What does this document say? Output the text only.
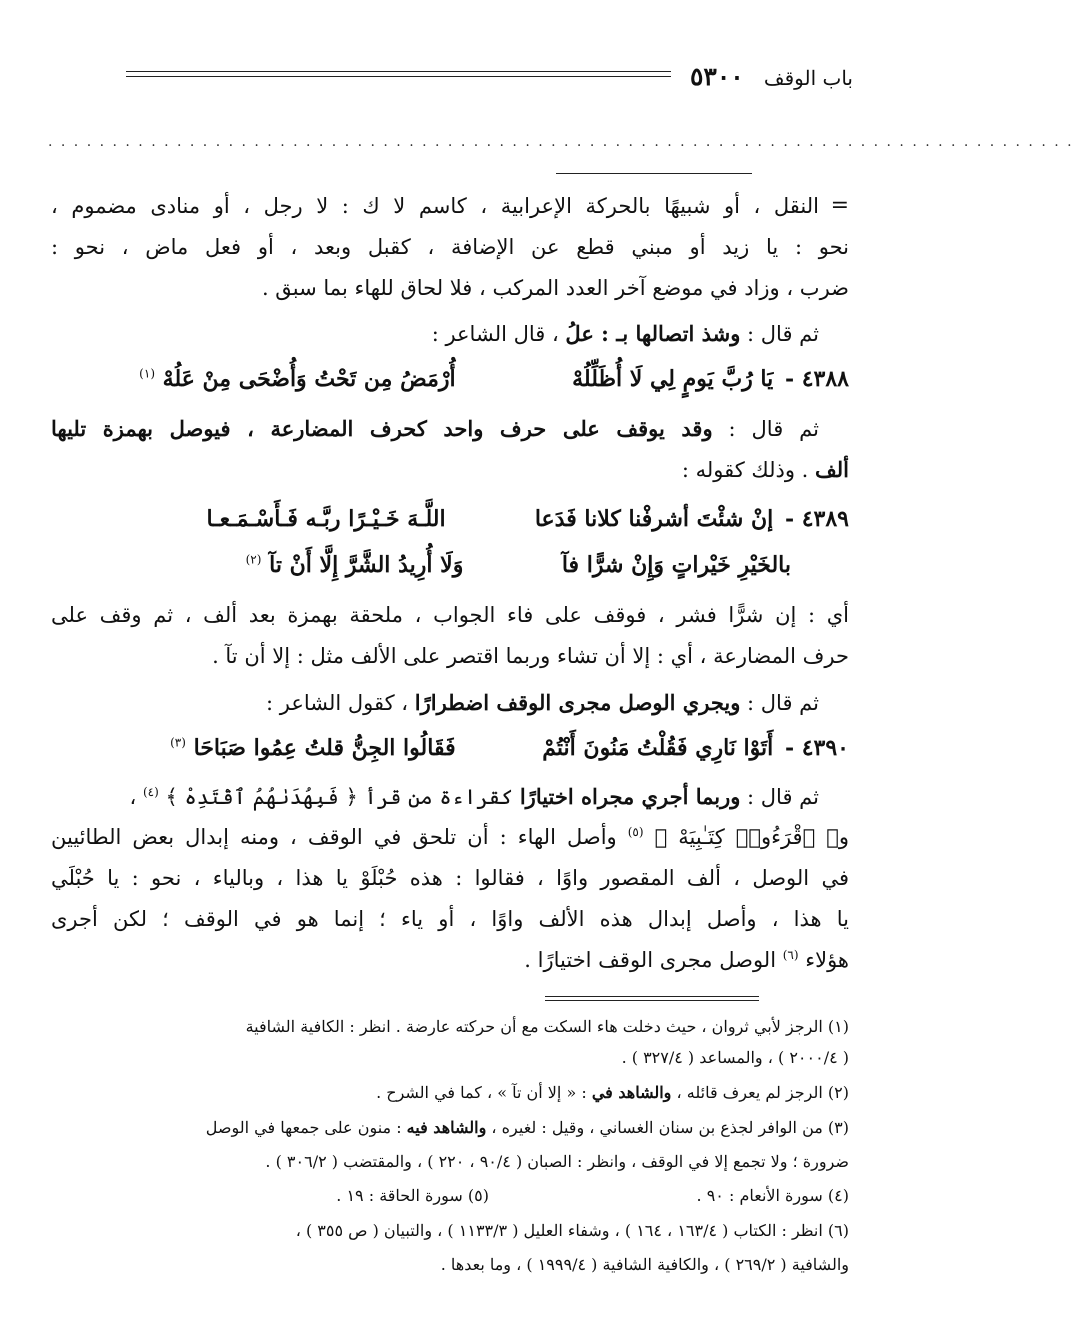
٥٣٠٠ باب الوقف
. . . . . . . . . . . . . . . . . . . . . . . . . . . . . . . . . . . . . . . . . . . . . . . . . . . . . . . . . . . . . . . . . . . . . . . . . . . . . . . .
=
النقل ، أو شبيهًا بالحركة الإعرابية ، كاسم لا ك : لا رجل ، أو منادى مضموم ،
نحو : يا زيد أو مبني قطع عن الإضافة ، كقبل وبعد ، أو فعل ماض ، نحو :
ضرب ، وزاد في موضع آخر العدد المركب ، فلا لحاق للهاء بما سبق .
ثم قال : وشذ اتصالها بـ : علُ ، قال الشاعر :
٤٣٨٨ - يَا رُبَّ يَومٍ لِي لَا أُظَلِّلُهْ أُرْمَضُ مِن تَحْتُ وَأُضْحَى مِنْ عَلُهْ $^{(١)}$
ثم قال : وقد يوقف على حرف واحد كحرف المضارعة ، فيوصل بهمزة تليها
ألف . وذلك كقوله :
٤٣٨٩ - إنْ شئْتَ أشرفْنا كلانا فَدَعا اللَّـهَ خَـيْـرًا ربَّـه فَـأَسْـمَـعـا
بالخَيْرِ خَيْراتٍ وَإِنْ شرًّا فآ وَلَا أُرِيدُ الشَّرَّ إِلَّا أَنْ تآ $^{(٢)}$
أي : إن شرًّا فشر ، فوقف على فاء الجواب ، ملحقة بهمزة بعد ألف ، ثم وقف على
حرف المضارعة ، أي : إلا أن تشاء وربما اقتصر على الألف مثل : إلا أن تآ .
ثم قال : ويجري الوصل مجرى الوقف اضطرارًا ، كقول الشاعر :
٤٣٩٠ - أَتَوْا نَارِي فَقُلْتُ مَنُونَ أَنْتُمْ فَقَالُوا الجِنُّ قلتُ عِمُوا صَبَاحَا $^{(٣)}$
ثم قال : وربما أجري مجراه اختيارًا كقراءة من قرأ ﴿ فَبِهُدَىٰهُمُ ٱقْتَدِهْ ﴾ $^{(٤)}$ ،
و﴿ ٱقْرَءُوا۟ كِتَـٰبِيَهْ ﴾ $^{(٥)}$ وأصل الهاء : أن تلحق في الوقف ، ومنه إبدال بعض الطائيين
في الوصل ، ألف المقصور واوًا ، فقالوا : هذه حُبْلَوْ يا هذا ، وبالياء ، نحو : يا حُبْلَي
يا هذا ، وأصل إبدال هذه الألف واوًا ، أو ياء ؛ إنما هو في الوقف ؛ لكن أجرى
هؤلاء $^{(٦)}$ الوصل مجرى الوقف اختيارًا .
(١) الرجز لأبي ثروان ، حيث دخلت هاء السكت مع أن حركته عارضة . انظر : الكافية الشافية
( ٢٠٠٠/٤ ) ، والمساعد ( ٣٢٧/٤ ) .
(٢) الرجز لم يعرف قائله ، والشاهد في : « إلا أن تآ » ، كما في الشرح .
(٣) من الوافر لجذع بن سنان الغساني ، وقيل : لغيره ، والشاهد فيه : منون على جمعها في الوصل
ضرورة ؛ ولا تجمع إلا في الوقف ، وانظر : الصبان ( ٩٠/٤ ، ٢٢٠ ) ، والمقتضب ( ٣٠٦/٢ ) .
(٤) سورة الأنعام : ٩٠ .
(٥) سورة الحاقة : ١٩ .
(٦) انظر : الكتاب ( ١٦٣/٤ ، ١٦٤ ) ، وشفاء العليل ( ١١٣٣/٣ ) ، والتبيان ( ص ٣٥٥ ) ،
والشافية ( ٢٦٩/٢ ) ، والكافية الشافية ( ١٩٩٩/٤ ) ، وما بعدها .
